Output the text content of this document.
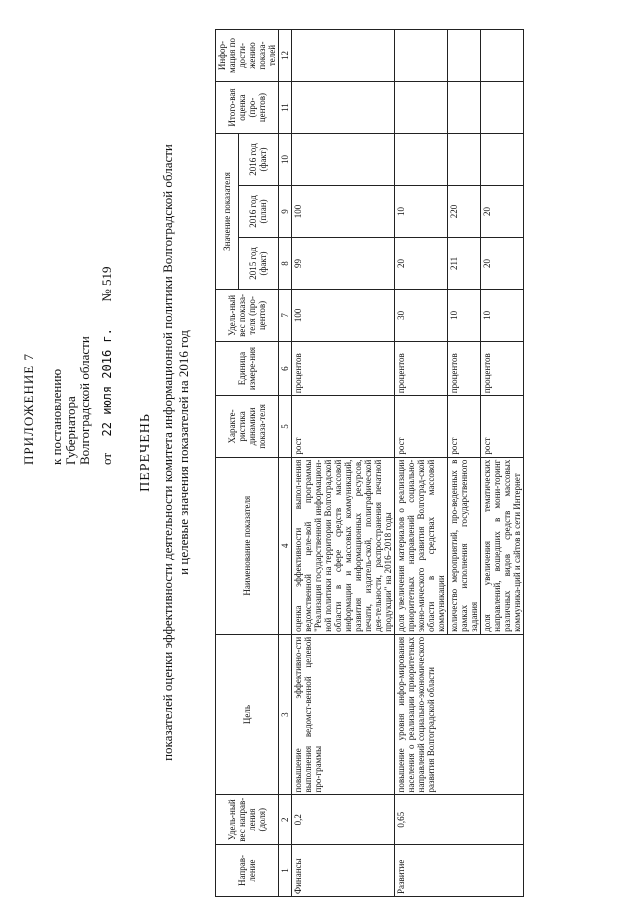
ПРИЛОЖЕНИЕ 7 к постановлению Губернатора Волгоградской области от  22 июля 2016 г.  № 519
ПЕРЕЧЕНЬ показателей оценки эффективности деятельности комитета информационной политики Волгоградской области и целевые значения показателей на 2016 год
Направ-ление	Удель-ный вес направ-ления (доля)	Цель	Наименование показателя	Характе-ристика динамики показа-теля	Единица измере-ния	Удель-ный вес показа-теля (про-центов)	Значение показателя			Итого-вая оценка (про-центов)	Инфор-мация по дости-жению показа-телей
							2015 год (факт)	2016 год (план)	2016 год (факт)		
1	2	3	4	5	6	7	8	9	10	11	12
Финансы	0,2	повышение эффективно-сти выполнения ведомст-венной целевой про-граммы	оценка эффективности выпол-нения ведомственной целе-вой программы "Реализация государственной информацион-ной политики на территории Волгоградской области в сфере средств массовой информации и массовых коммуникаций, развития информационных ресурсов, печати, издатель-ской, полиграфической дея-тельности, распространения печатной продукции" на 2016–2018 годы	рост	процентов	100	99	100			
Развитие	0,65	повышение уровня инфор-мирования населения о реализации приоритетных направлений социально-экономического развития Волгоградской области	доля увеличения материалов о реализации приоритетных направлений социально-эконо-мического развития Волгоград-ской области в средствах массовой коммуникации	рост	процентов	30	20	10			

			количество мероприятий, про-веденных в рамках исполнения государственного задания	рост	процентов	10	211	220			

			доля увеличения тематических направлений, вошедших в мони-торинг различных видов средств массовых коммуника-ций и сайтов в сети Интернет	рост	процентов	10	20	20			
